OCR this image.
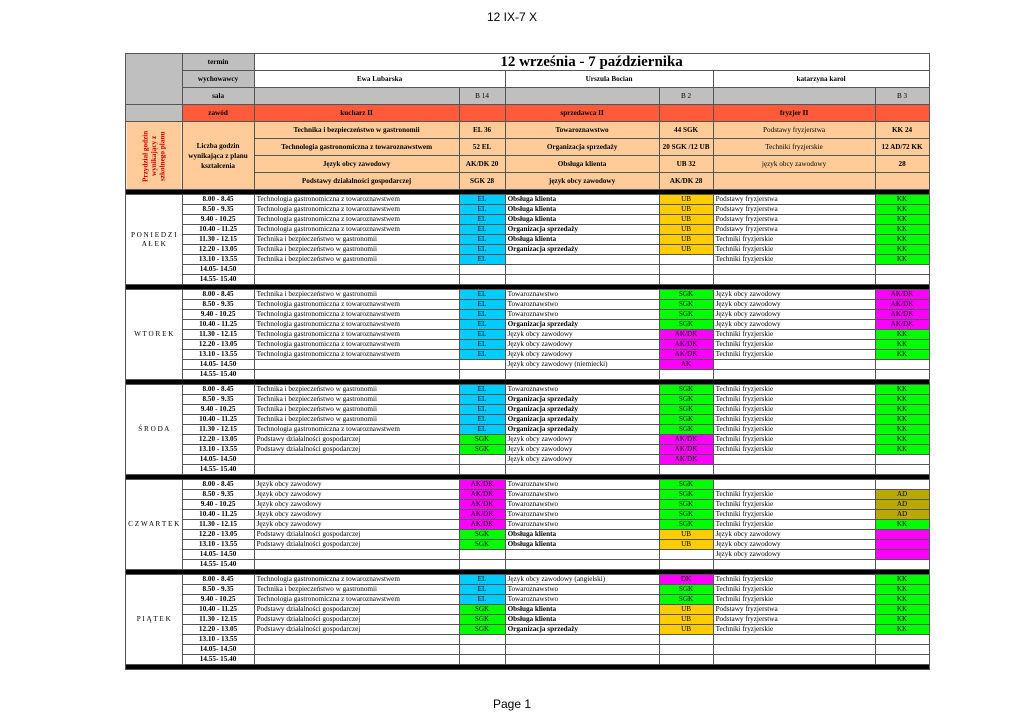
12 IX-7 X
	termin	12 września - 7 października					
	wychowawcy	Ewa Lubarska		Urszula Bocian		katarzyna karol	
	sala		B 14		B 2		B 3
	zawód	kucharz II		sprzedawca II		fryzjer II	
Przydział godzin wynikający z szkolnego planu	Liczba godzin wynikająca z planu kształcenia	Technika i bezpieczeństwo w gastronomii	EL 36	Towaroznawstwo	44 SGK	Podstawy fryzjerstwa	KK 24
		Technologia gastronomiczna z towaroznawstwem	52 EL	Organizacja sprzedaży	20 SGK /12 UB	Techniki fryzjerskie	12 AD/72 KK
		Język obcy zawodowy	AK/DK 20	Obsługa klienta	UB 32	język obcy zawodowy	28
		Podstawy działalności gospodarczej	SGK 28	język obcy zawodowy	AK/DK 28		

P O N I E D Z I A Ł E K	8.00 - 8.45	Technologia gastronomiczna z towaroznawstwem	EL	Obsługa klienta	UB	Podstawy fryzjerstwa	KK
	8.50 - 9.35	Technologia gastronomiczna z towaroznawstwem	EL	Obsługa klienta	UB	Podstawy fryzjerstwa	KK
	9.40 - 10.25	Technologia gastronomiczna z towaroznawstwem	EL	Obsługa klienta	UB	Podstawy fryzjerstwa	KK
	10.40 - 11.25	Technologia gastronomiczna z towaroznawstwem	EL	Organizacja sprzedaży	UB	Podstawy fryzjerstwa	KK
	11.30 - 12.15	Technika i bezpieczeństwo w gastronomii	EL	Obsługa klienta	UB	Techniki fryzjerskie	KK
	12.20 - 13.05	Technika i bezpieczeństwo w gastronomii	EL	Organizacja sprzedaży	UB	Techniki fryzjerskie	KK
	13.10 - 13.55	Technika i bezpieczeństwo w gastronomii	EL			Techniki fryzjerskie	KK
	14.05- 14.50						
	14.55- 15.40						

W T O R E K	8.00 - 8.45	Technika i bezpieczeństwo w gastronomii	EL	Towaroznawstwo	SGK	Język obcy zawodowy	AK/DK
	8.50 - 9.35	Technologia gastronomiczna z towaroznawstwem	EL	Towaroznawstwo	SGK	Język obcy zawodowy	AK/DK
	9.40 - 10.25	Technologia gastronomiczna z towaroznawstwem	EL	Towaroznawstwo	SGK	Język obcy zawodowy	AK/DK
	10.40 - 11.25	Technologia gastronomiczna z towaroznawstwem	EL	Organizacja sprzedaży	SGK	Język obcy zawodowy	AK/DK
	11.30 - 12.15	Technologia gastronomiczna z towaroznawstwem	EL	Język obcy zawodowy	AK/DK	Techniki fryzjerskie	KK
	12.20 - 13.05	Technologia gastronomiczna z towaroznawstwem	EL	Język obcy zawodowy	AK/DK	Techniki fryzjerskie	KK
	13.10 - 13.55	Technologia gastronomiczna z towaroznawstwem	EL	Język obcy zawodowy	AK/DK	Techniki fryzjerskie	KK
	14.05- 14.50			Język obcy zawodowy (niemiecki)	AK		
	14.55- 15.40						

Ś R O D A	8.00 - 8.45	Technika i bezpieczeństwo w gastronomii	EL	Towaroznawstwo	SGK	Techniki fryzjerskie	KK
	8.50 - 9.35	Technika i bezpieczeństwo w gastronomii	EL	Organizacja sprzedaży	SGK	Techniki fryzjerskie	KK
	9.40 - 10.25	Technika i bezpieczeństwo w gastronomii	EL	Organizacja sprzedaży	SGK	Techniki fryzjerskie	KK
	10.40 - 11.25	Technika i bezpieczeństwo w gastronomii	EL	Organizacja sprzedaży	SGK	Techniki fryzjerskie	KK
	11.30 - 12.15	Technologia gastronomiczna z towaroznawstwem	EL	Organizacja sprzedaży	SGK	Techniki fryzjerskie	KK
	12.20 - 13.05	Podstawy działalności gospodarczej	SGK	Język obcy zawodowy	AK/DK	Techniki fryzjerskie	KK
	13.10 - 13.55	Podstawy działalności gospodarczej	SGK	Język obcy zawodowy	AK/DK	Techniki fryzjerskie	KK
	14.05- 14.50			Język obcy zawodowy	AK/DK		
	14.55- 15.40						

C Z W A R T E K	8.00 - 8.45	Język obcy zawodowy	AK/DK	Towaroznawstwo	SGK		
	8.50 - 9.35	Język obcy zawodowy	AK/DK	Towaroznawstwo	SGK	Techniki fryzjerskie	AD
	9.40 - 10.25	Język obcy zawodowy	AK/DK	Towaroznawstwo	SGK	Techniki fryzjerskie	AD
	10.40 - 11.25	Język obcy zawodowy	AK/DK	Towaroznawstwo	SGK	Techniki fryzjerskie	AD
	11.30 - 12.15	Język obcy zawodowy	AK/DK	Towaroznawstwo	SGK	Techniki fryzjerskie	KK
	12.20 - 13.05	Podstawy działalności gospodarczej	SGK	Obsługa klienta	UB	Język obcy zawodowy	
	13.10 - 13.55	Podstawy działalności gospodarczej	SGK	Obsługa klienta	UB	Język obcy zawodowy	
	14.05- 14.50					Język obcy zawodowy	
	14.55- 15.40						

P I Ą T E K	8.00 - 8.45	Technologia gastronomiczna z towaroznawstwem	EL	Język obcy zawodowy (angielski)	DK	Techniki fryzjerskie	KK
	8.50 - 9.35	Technika i bezpieczeństwo w gastronomii	EL	Towaroznawstwo	SGK	Techniki fryzjerskie	KK
	9.40 - 10.25	Technologia gastronomiczna z towaroznawstwem	EL	Towaroznawstwo	SGK	Techniki fryzjerskie	KK
	10.40 - 11.25	Podstawy działalności gospodarczej	SGK	Obsługa klienta	UB	Podstawy fryzjerstwa	KK
	11.30 - 12.15	Podstawy działalności gospodarczej	SGK	Obsługa klienta	UB	Podstawy fryzjerstwa	KK
	12.20 - 13.05	Podstawy działalności gospodarczej	SGK	Organizacja sprzedaży	UB	Techniki fryzjerskie	KK
	13.10 - 13.55						
	14.05- 14.50						
	14.55- 15.40						

Page 1
